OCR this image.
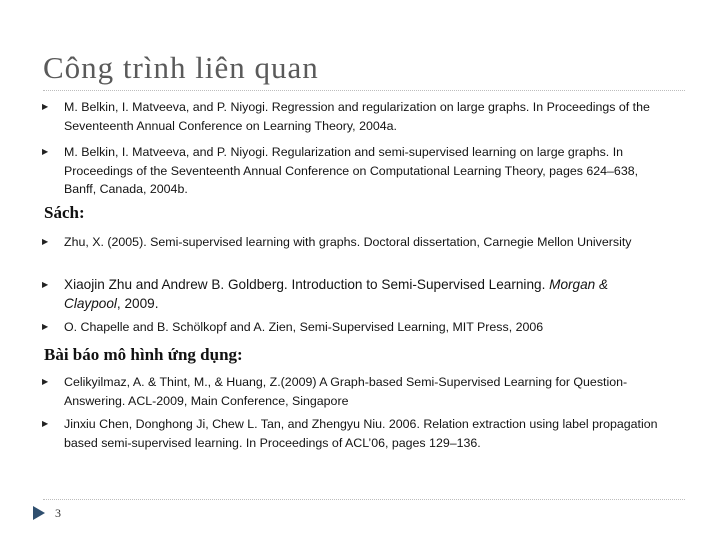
Công trình liên quan
▶	M. Belkin, I. Matveeva, and P. Niyogi. Regression and regularization on large graphs. In Proceedings of the Seventeenth Annual Conference on Learning Theory, 2004a.
▶	M. Belkin, I. Matveeva, and P. Niyogi. Regularization and semi-supervised learning on large graphs. In Proceedings of the Seventeenth Annual Conference on Computational Learning Theory, pages 624–638, Banff, Canada, 2004b.
Sách:
▶	Zhu, X. (2005). Semi-supervised learning with graphs. Doctoral dissertation, Carnegie Mellon University
▶	Xiaojin Zhu and Andrew B. Goldberg. Introduction to Semi-Supervised Learning. Morgan & Claypool, 2009.
▶	O. Chapelle and B. Schölkopf and A. Zien, Semi-Supervised Learning, MIT Press, 2006
Bài báo mô hình ứng dụng:
▶	Celikyilmaz, A. & Thint, M., & Huang, Z.(2009) A Graph-based Semi-Supervised Learning for Question-Answering. ACL-2009, Main Conference, Singapore
▶	Jinxiu Chen, Donghong Ji, Chew L. Tan, and Zhengyu Niu. 2006. Relation extraction using label propagation based semi-supervised learning. In Proceedings of ACL’06, pages 129–136.
3
